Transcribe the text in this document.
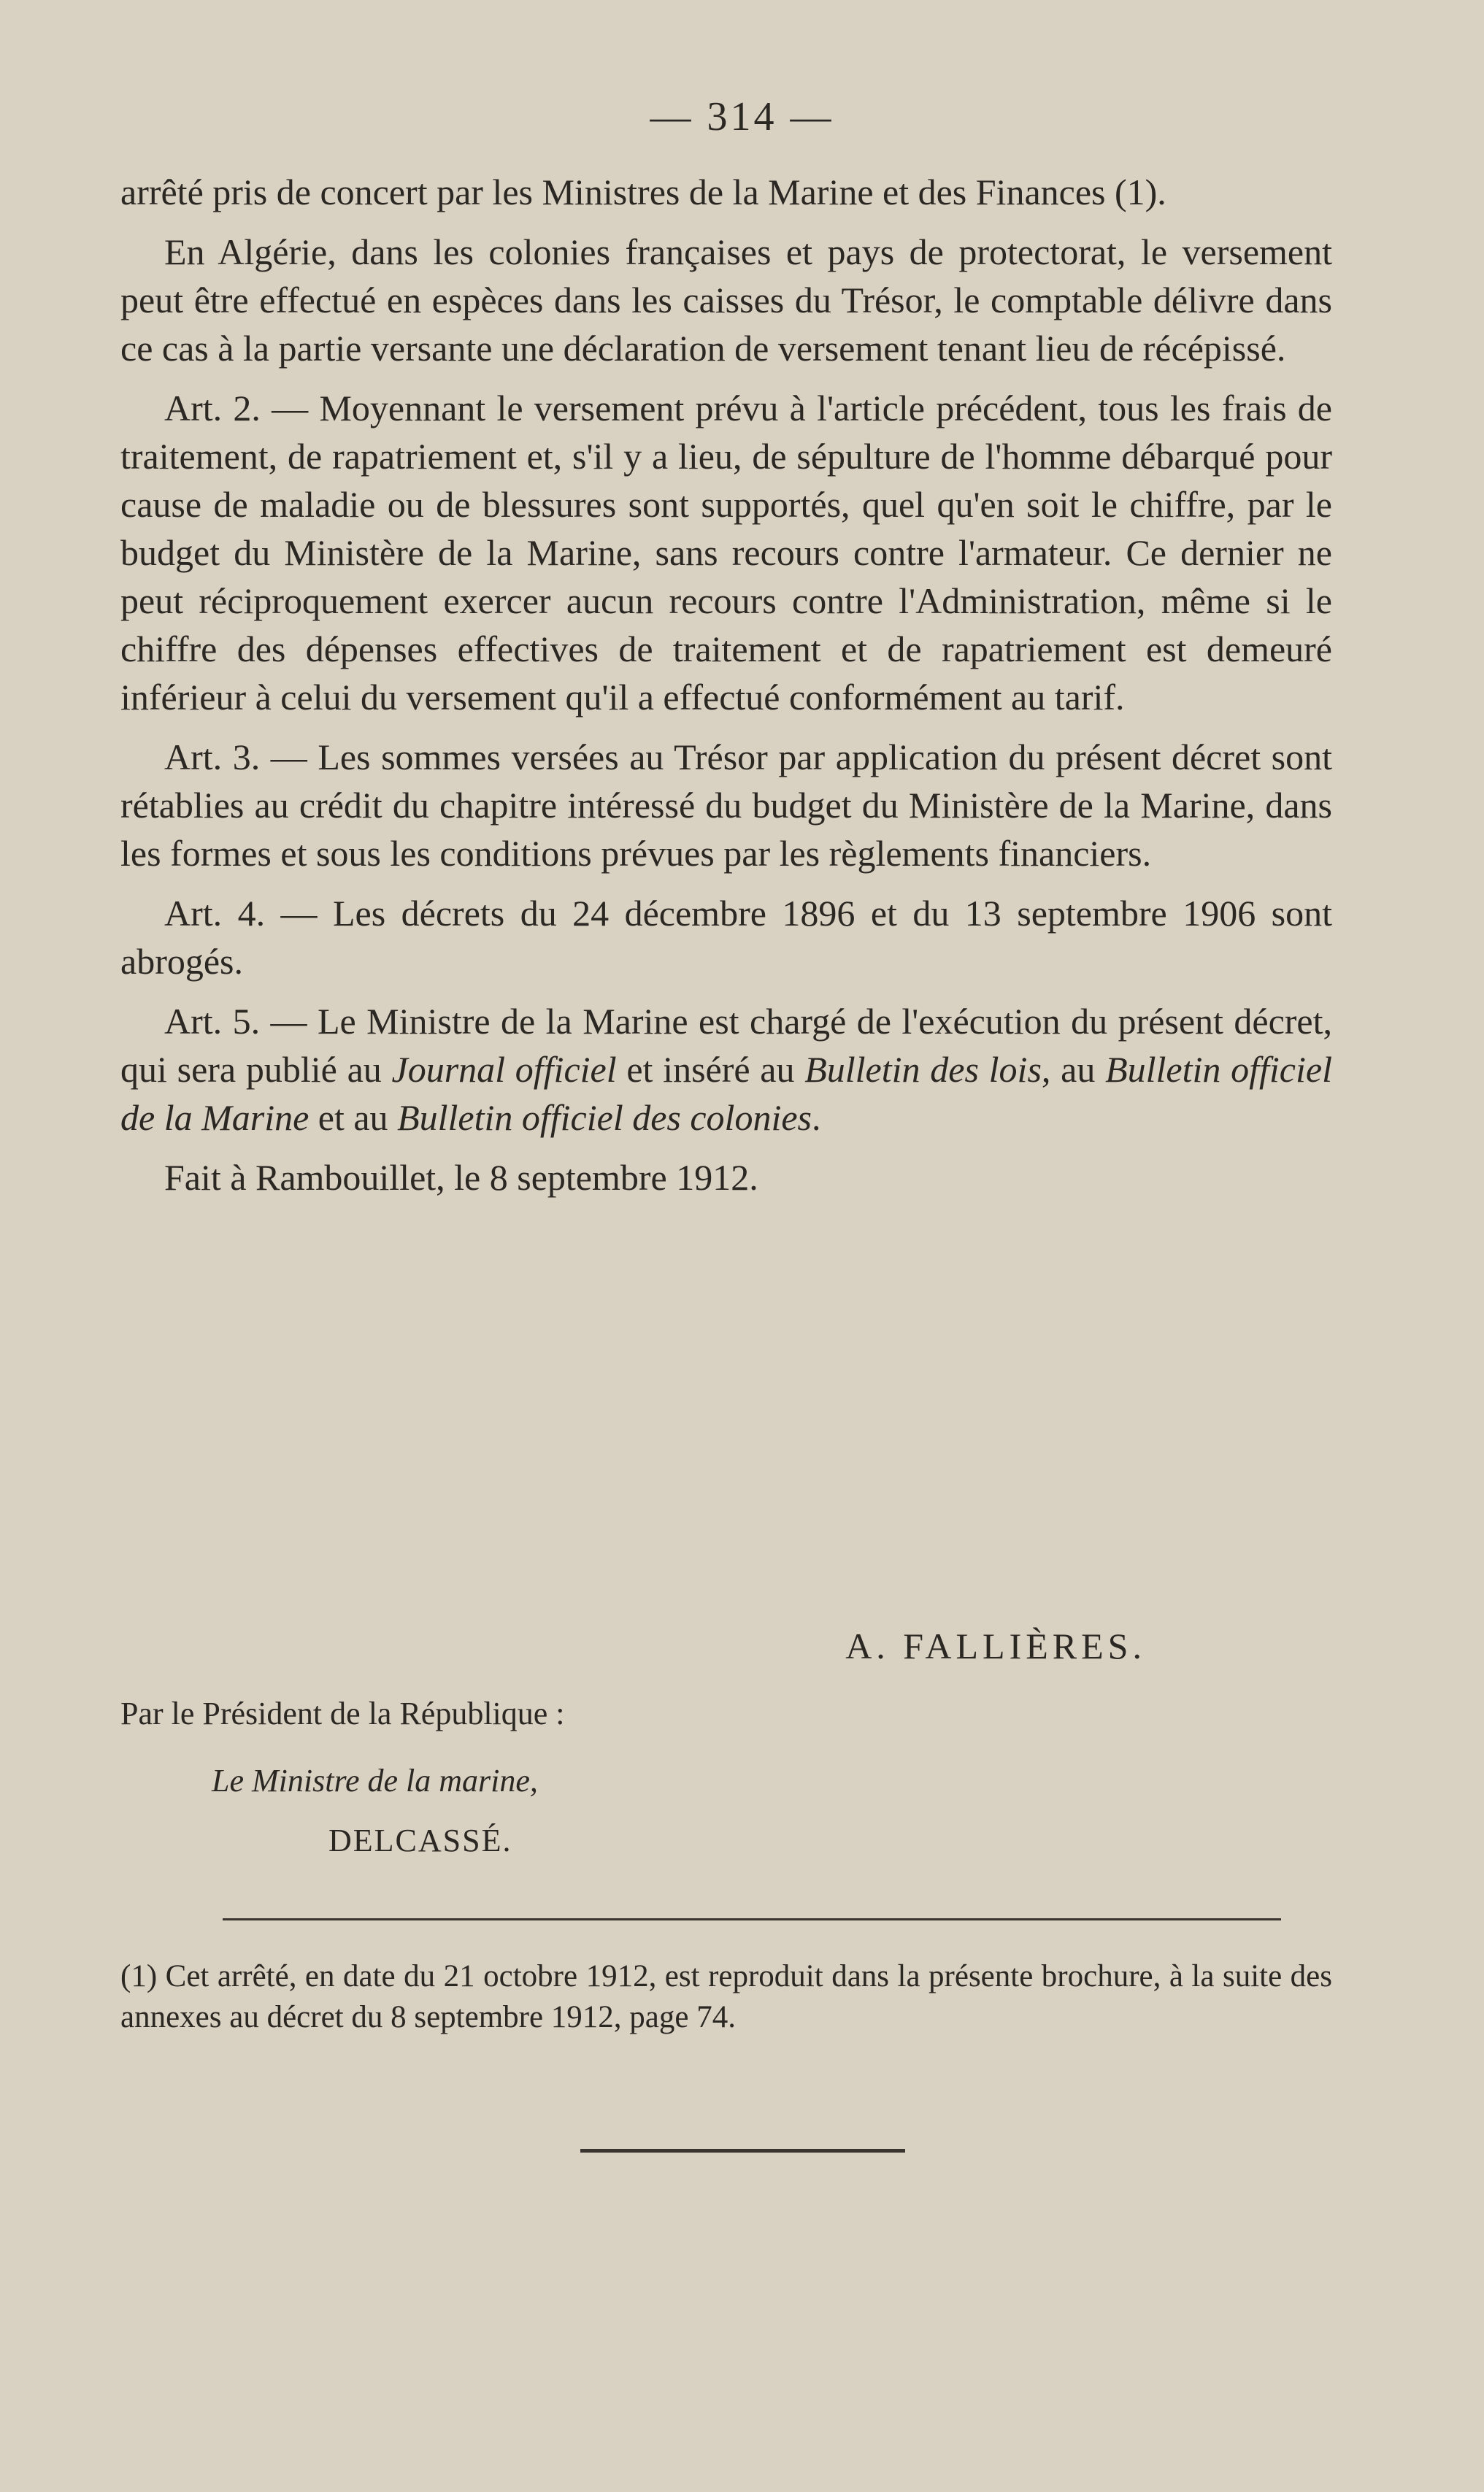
— 314 —

arrêté pris de concert par les Ministres de la Marine et des Finances (1).

En Algérie, dans les colonies françaises et pays de protectorat, le versement peut être effectué en espèces dans les caisses du Trésor, le comptable délivre dans ce cas à la partie versante une déclaration de versement tenant lieu de récépissé.

Art. 2. — Moyennant le versement prévu à l'article précédent, tous les frais de traitement, de rapatriement et, s'il y a lieu, de sépulture de l'homme débarqué pour cause de maladie ou de blessures sont supportés, quel qu'en soit le chiffre, par le budget du Ministère de la Marine, sans recours contre l'armateur. Ce dernier ne peut réciproquement exercer aucun recours contre l'Administration, même si le chiffre des dépenses effectives de traitement et de rapatriement est demeuré inférieur à celui du versement qu'il a effectué conformément au tarif.

Art. 3. — Les sommes versées au Trésor par application du présent décret sont rétablies au crédit du chapitre intéressé du budget du Ministère de la Marine, dans les formes et sous les conditions prévues par les règlements financiers.

Art. 4. — Les décrets du 24 décembre 1896 et du 13 septembre 1906 sont abrogés.

Art. 5. — Le Ministre de la Marine est chargé de l'exécution du présent décret, qui sera publié au Journal officiel et inséré au Bulletin des lois, au Bulletin officiel de la Marine et au Bulletin officiel des colonies.

Fait à Rambouillet, le 8 septembre 1912.

A. FALLIÈRES.
Par le Président de la République :
Le Ministre de la marine,
DELCASSÉ.
(1) Cet arrêté, en date du 21 octobre 1912, est reproduit dans la présente brochure, à la suite des annexes au décret du 8 septembre 1912, page 74.
